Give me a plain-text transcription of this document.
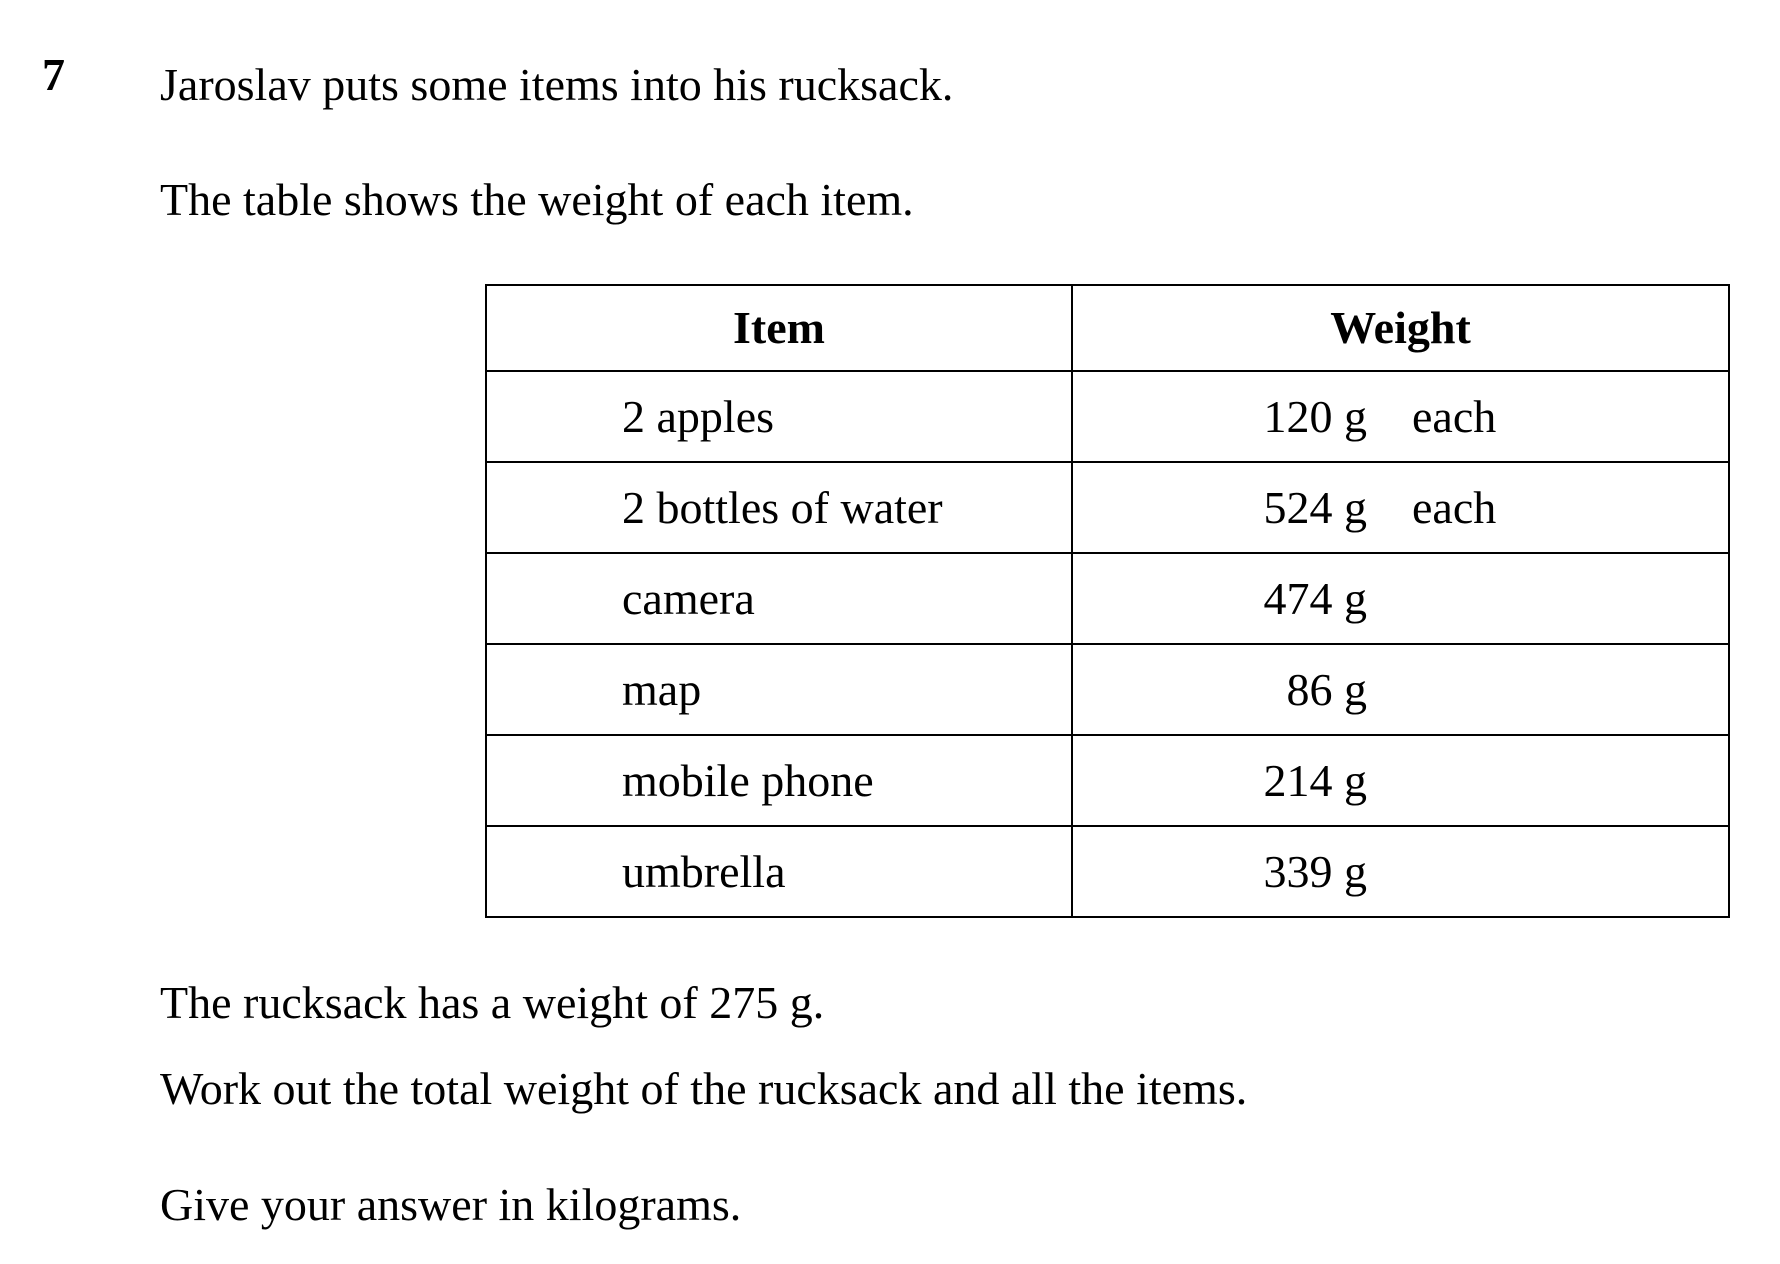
7 Jaroslav puts some items into his rucksack.
The table shows the weight of each item.
Item	Weight
2 apples	120 g each
2 bottles of water	524 g each
camera	474 g
map	86 g
mobile phone	214 g
umbrella	339 g
The rucksack has a weight of 275 g.
Work out the total weight of the rucksack and all the items.
Give your answer in kilograms.
